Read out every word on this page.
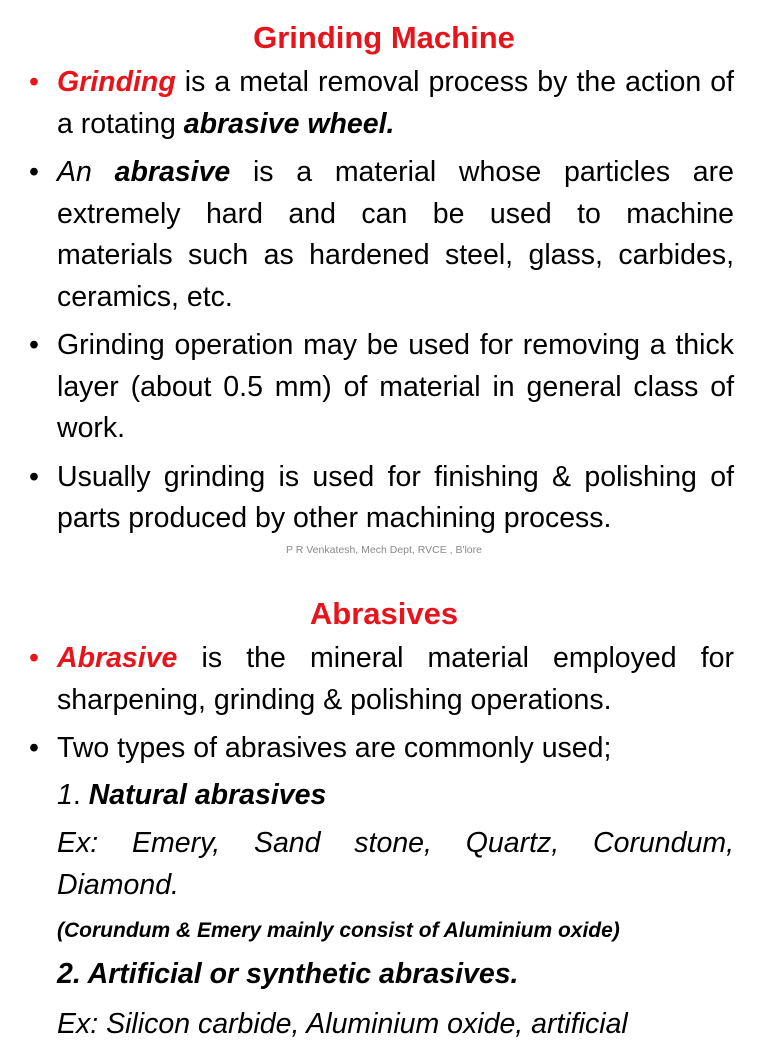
Grinding Machine
• Grinding is a metal removal process by the action of a rotating abrasive wheel.
• An abrasive is a material whose particles are extremely hard and can be used to machine materials such as hardened steel, glass, carbides, ceramics, etc.
• Grinding operation may be used for removing a thick layer (about 0.5 mm) of material in general class of work.
• Usually grinding is used for finishing & polishing of parts produced by other machining process.
P R Venkatesh, Mech Dept, RVCE , B'lore
Abrasives
• Abrasive is the mineral material employed for sharpening, grinding & polishing operations.
• Two types of abrasives are commonly used;
1. Natural abrasives
Ex: Emery, Sand stone, Quartz, Corundum, Diamond.
(Corundum & Emery mainly consist of Aluminium oxide)
2. Artificial or synthetic abrasives.
Ex: Silicon carbide, Aluminium oxide, artificial
